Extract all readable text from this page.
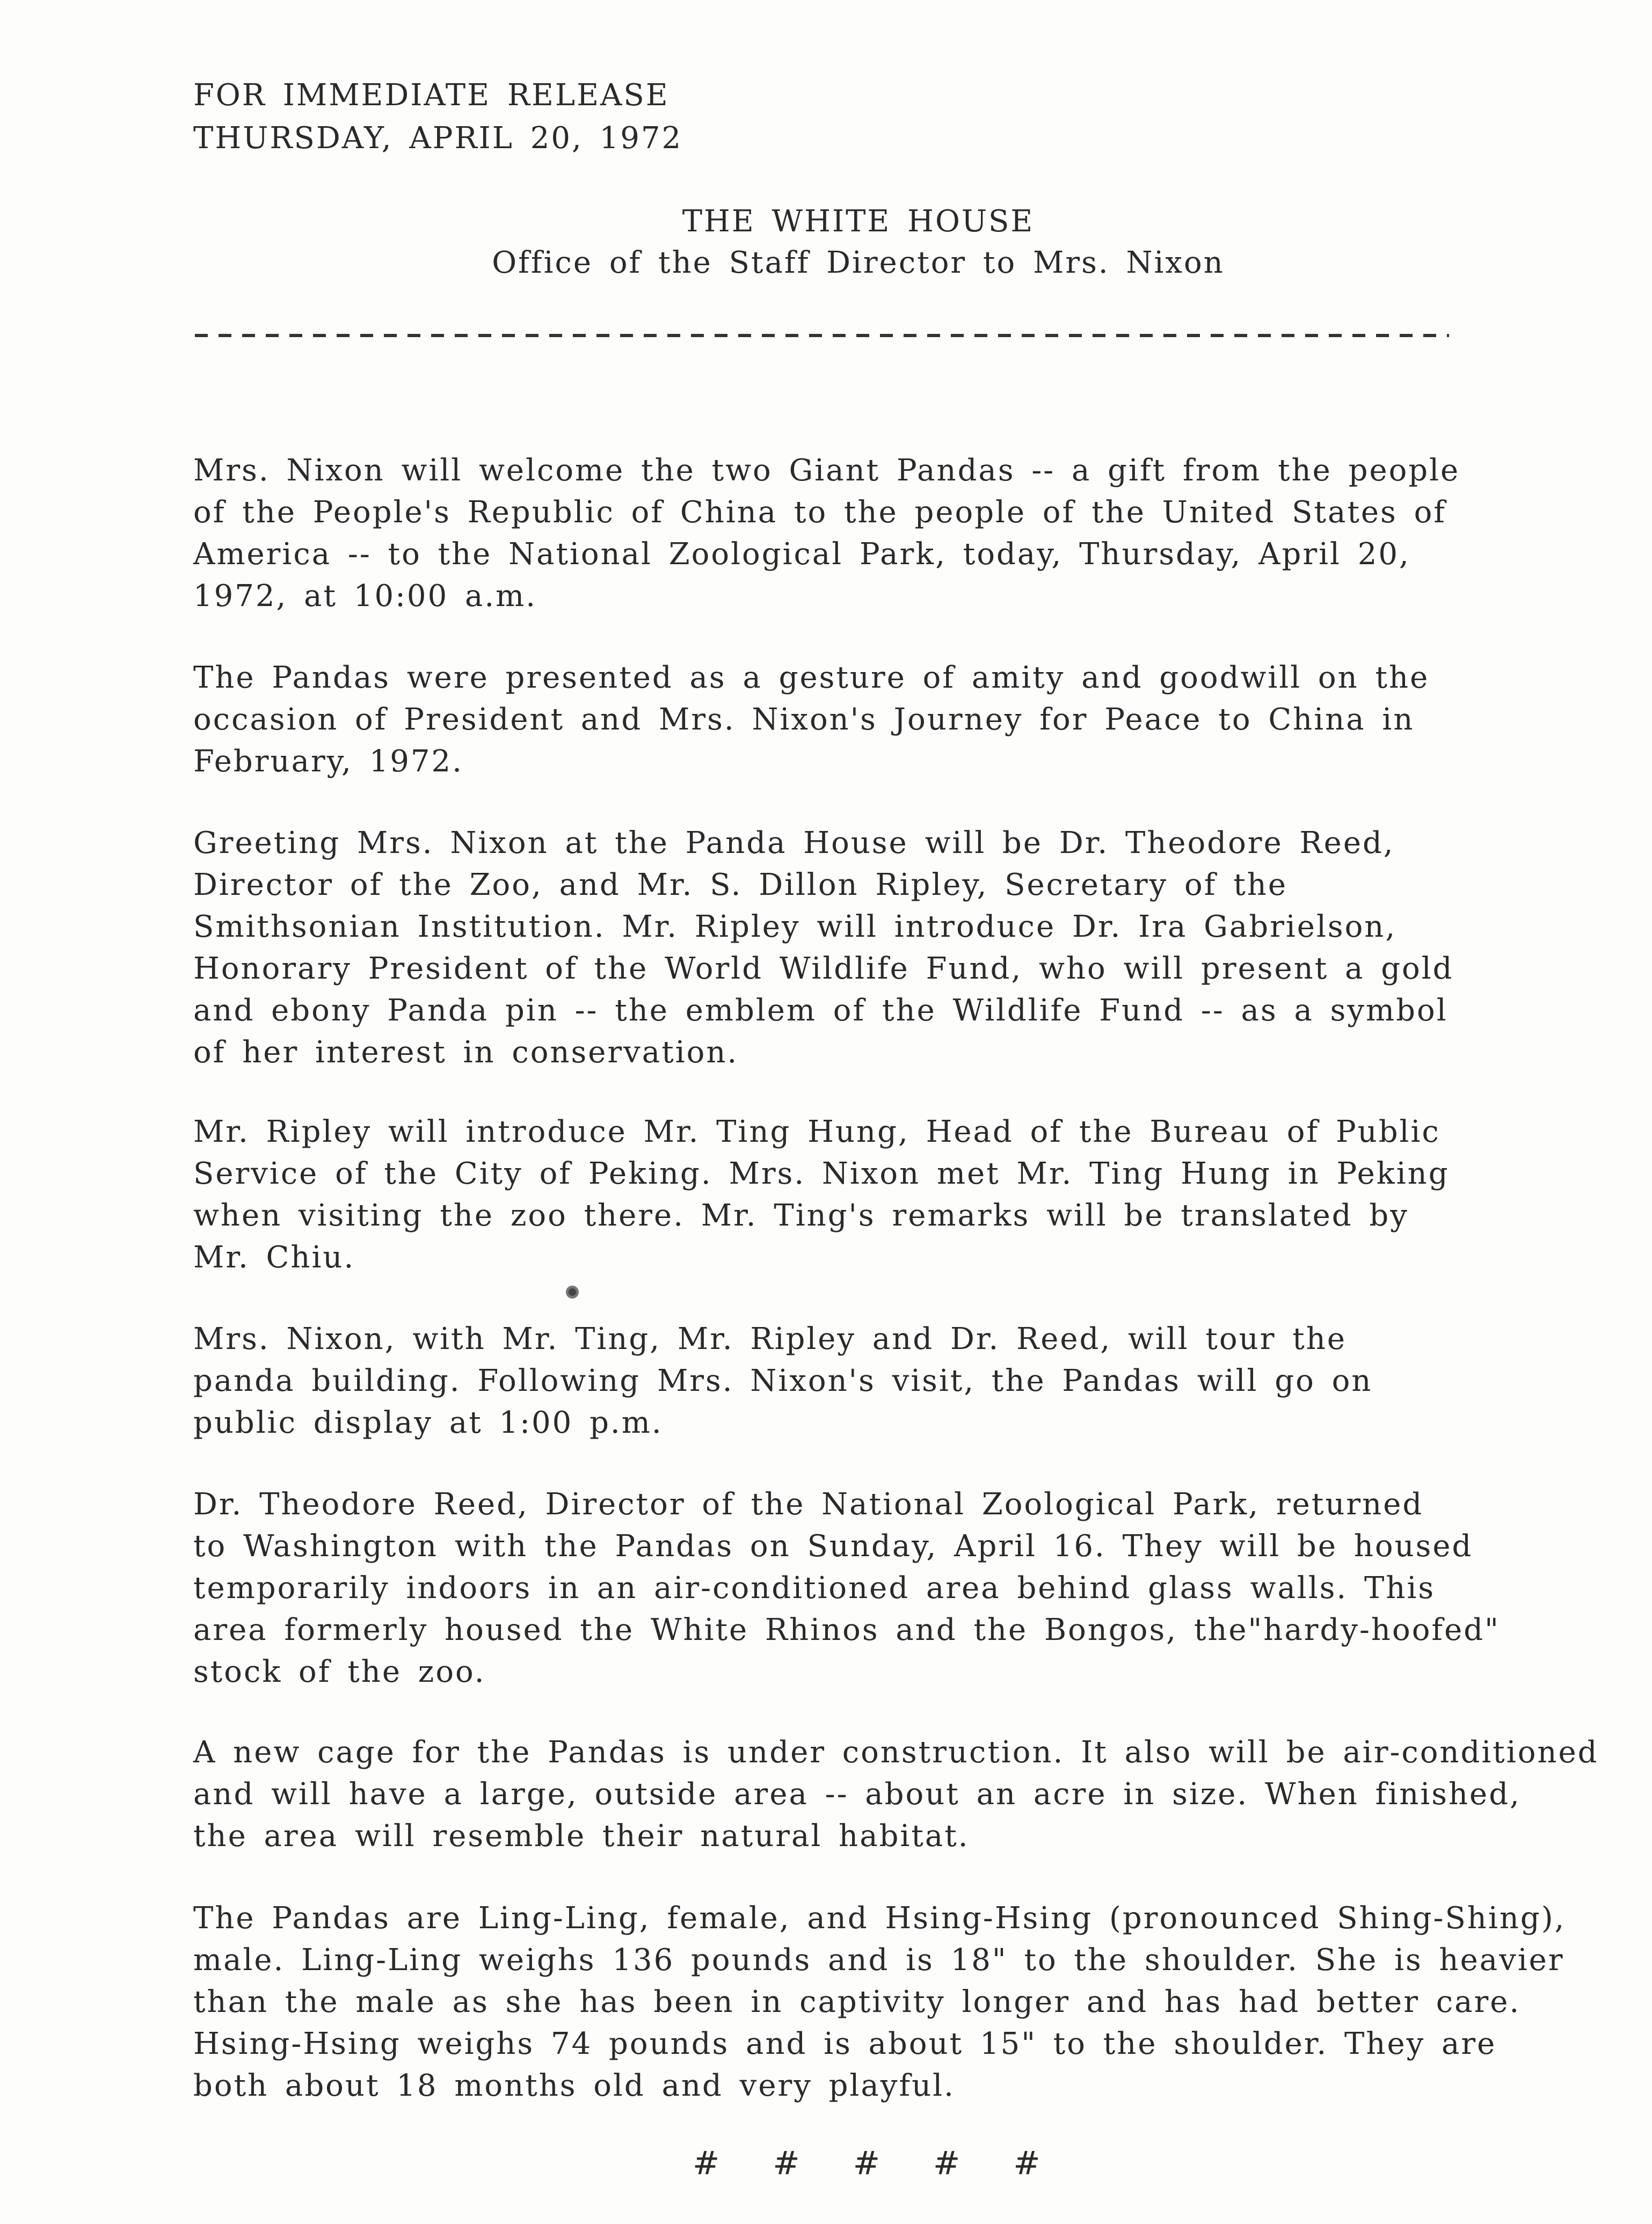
FOR IMMEDIATE RELEASE
THURSDAY, APRIL 20, 1972
THE WHITE HOUSE
Office of the Staff Director to Mrs. Nixon
Mrs. Nixon will welcome the two Giant Pandas -- a gift from the people
of the People's Republic of China to the people of the United States of
America -- to the National Zoological Park, today, Thursday, April 20,
1972, at 10:00 a.m.
The Pandas were presented as a gesture of amity and goodwill on the
occasion of President and Mrs. Nixon's Journey for Peace to China in
February, 1972.
Greeting Mrs. Nixon at the Panda House will be Dr. Theodore Reed,
Director of the Zoo, and Mr. S. Dillon Ripley, Secretary of the
Smithsonian Institution. Mr. Ripley will introduce Dr. Ira Gabrielson,
Honorary President of the World Wildlife Fund, who will present a gold
and ebony Panda pin -- the emblem of the Wildlife Fund -- as a symbol
of her interest in conservation.
Mr. Ripley will introduce Mr. Ting Hung, Head of the Bureau of Public
Service of the City of Peking. Mrs. Nixon met Mr. Ting Hung in Peking
when visiting the zoo there. Mr. Ting's remarks will be translated by
Mr. Chiu.
Mrs. Nixon, with Mr. Ting, Mr. Ripley and Dr. Reed, will tour the
panda building. Following Mrs. Nixon's visit, the Pandas will go on
public display at 1:00 p.m.
Dr. Theodore Reed, Director of the National Zoological Park, returned
to Washington with the Pandas on Sunday, April 16. They will be housed
temporarily indoors in an air-conditioned area behind glass walls. This
area formerly housed the White Rhinos and the Bongos, the"hardy-hoofed"
stock of the zoo.
A new cage for the Pandas is under construction. It also will be air-conditioned
and will have a large, outside area -- about an acre in size. When finished,
the area will resemble their natural habitat.
The Pandas are Ling-Ling, female, and Hsing-Hsing (pronounced Shing-Shing),
male. Ling-Ling weighs 136 pounds and is 18" to the shoulder. She is heavier
than the male as she has been in captivity longer and has had better care.
Hsing-Hsing weighs 74 pounds and is about 15" to the shoulder. They are
both about 18 months old and very playful.
# # # # #
